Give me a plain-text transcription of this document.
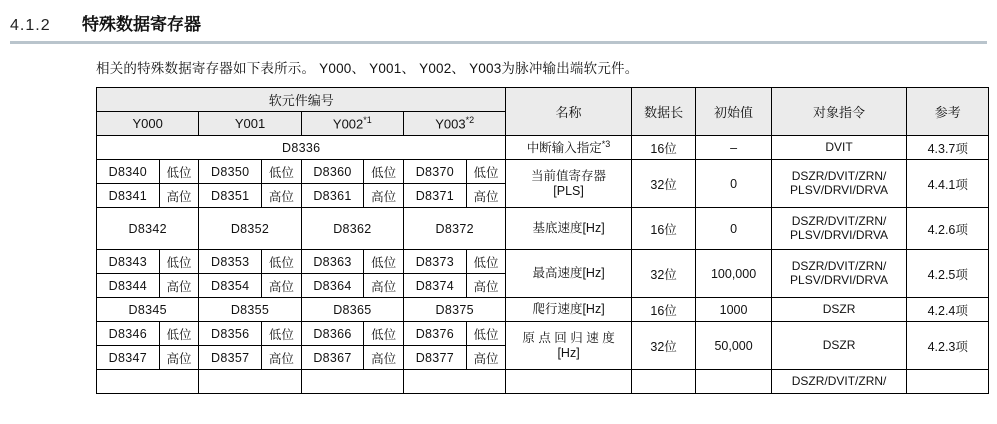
4.1.2	特殊数据寄存器
相关的特殊数据寄存器如下表所示。 Y000、 Y001、 Y002、 Y003为脉冲输出端软元件。
软元件编号								名称	数据长	初始值	对象指令	参考
Y000		Y001		Y002$^{*1}$		Y003$^{*2}$
D8336								中断输入指定$^{*3}$	16位	–	DVIT	4.3.7项
D8340	低位	D8350	低位	D8360	低位	D8370	低位	当前值寄存器
[PLS]	32位	0	
DSZR/DVIT/ZRN/
PLSV/DRVI/DRVA	4.4.1项
D8341	高位	D8351	高位	D8361	高位	D8371	高位					
D8342		D8352		D8362		D8372		基底速度[Hz]	16位	0	DSZR/DVIT/ZRN/
PLSV/DRVI/DRVA	4.2.6项
D8343	低位	D8353	低位	D8363	低位	D8373	低位	最高速度[Hz]	32位	100,000	DSZR/DVIT/ZRN/
PLSV/DRVI/DRVA	4.2.5项
D8344	高位	D8354	高位	D8364	高位	D8374	高位					
D8345		D8355		D8365		D8375		爬行速度[Hz]	16位	1000	DSZR	4.2.4项
D8346	低位	D8356	低位	D8366	低位	D8376	低位	原 点 回 归 速 度
[Hz]	32位	50,000	DSZR	4.2.3项
D8347	高位	D8357	高位	D8367	高位	D8377	高位					
											DSZR/DVIT/ZRN/	
